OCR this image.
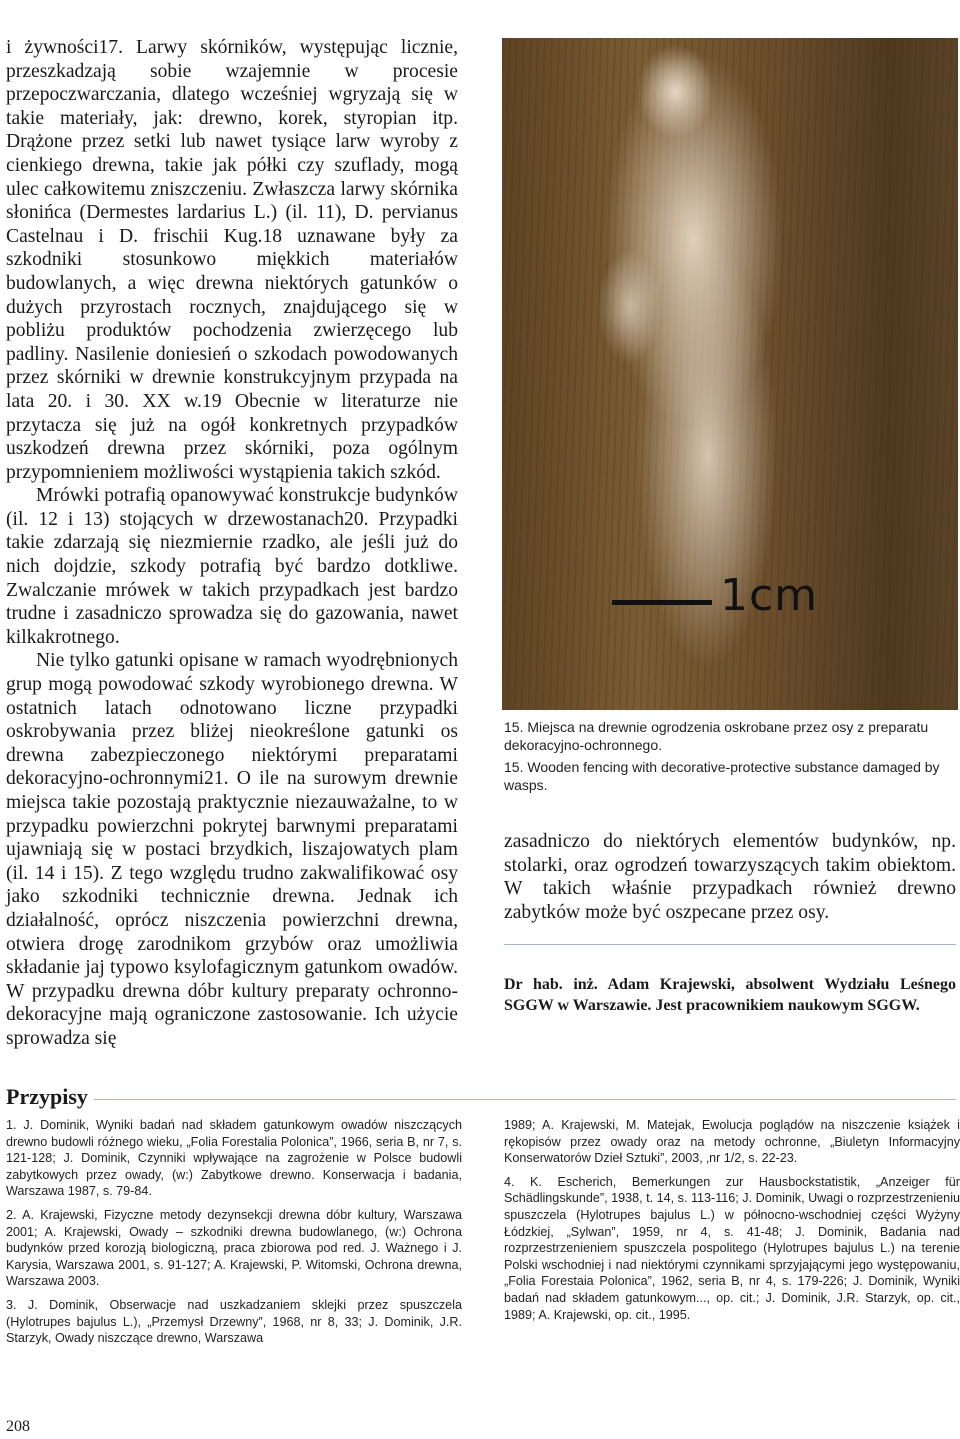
i żywności17. Larwy skórników, występując licznie, przeszkadzają sobie wzajemnie w procesie przepoczwarczania, dlatego wcześniej wgryzają się w takie materiały, jak: drewno, korek, styropian itp. Drążone przez setki lub nawet tysiące larw wyroby z cienkiego drewna, takie jak półki czy szuflady, mogą ulec całkowitemu zniszczeniu. Zwłaszcza larwy skórnika słonińca (Dermestes lardarius L.) (il. 11), D. pervianus Castelnau i D. frischii Kug.18 uznawane były za szkodniki stosunkowo miękkich materiałów budowlanych, a więc drewna niektórych gatunków o dużych przyrostach rocznych, znajdującego się w pobliżu produktów pochodzenia zwierzęcego lub padliny. Nasilenie doniesień o szkodach powodowanych przez skórniki w drewnie konstrukcyjnym przypada na lata 20. i 30. XX w.19 Obecnie w literaturze nie przytacza się już na ogół konkretnych przypadków uszkodzeń drewna przez skórniki, poza ogólnym przypomnieniem możliwości wystąpienia takich szkód.

Mrówki potrafią opanowywać konstrukcje budynków (il. 12 i 13) stojących w drzewostanach20. Przypadki takie zdarzają się niezmiernie rzadko, ale jeśli już do nich dojdzie, szkody potrafią być bardzo dotkliwe. Zwalczanie mrówek w takich przypadkach jest bardzo trudne i zasadniczo sprowadza się do gazowania, nawet kilkakrotnego.

Nie tylko gatunki opisane w ramach wyodrębnionych grup mogą powodować szkody wyrobionego drewna. W ostatnich latach odnotowano liczne przypadki oskrobywania przez bliżej nieokreślone gatunki os drewna zabezpieczonego niektórymi preparatami dekoracyjno-ochronnymi21. O ile na surowym drewnie miejsca takie pozostają praktycznie niezauważalne, to w przypadku powierzchni pokrytej barwnymi preparatami ujawniają się w postaci brzydkich, liszajowatych plam (il. 14 i 15). Z tego względu trudno zakwalifikować osy jako szkodniki technicznie drewna. Jednak ich działalność, oprócz niszczenia powierzchni drewna, otwiera drogę zarodnikom grzybów oraz umożliwia składanie jaj typowo ksylofagicznym gatunkom owadów. W przypadku drewna dóbr kultury preparaty ochronno-dekoracyjne mają ograniczone zastosowanie. Ich użycie sprowadza się

1cm

15. Miejsca na drewnie ogrodzenia oskrobane przez osy z preparatu dekoracyjno-ochronnego.

15. Wooden fencing with decorative-protective substance damaged by wasps.

zasadniczo do niektórych elementów budynków, np. stolarki, oraz ogrodzeń towarzyszących takim obiektom. W takich właśnie przypadkach również drewno zabytków może być oszpecane przez osy.

Dr hab. inż. Adam Krajewski, absolwent Wydziału Leśnego SGGW w Warszawie. Jest pracownikiem naukowym SGGW.
Przypisy

1. J. Dominik, Wyniki badań nad składem gatunkowym owadów niszczących drewno budowli różnego wieku, „Folia Forestalia Polonica”, 1966, seria B, nr 7, s. 121-128; J. Dominik, Czynniki wpływające na zagrożenie w Polsce budowli zabytkowych przez owady, (w:) Zabytkowe drewno. Konserwacja i badania, Warszawa 1987, s. 79-84.

2. A. Krajewski, Fizyczne metody dezynsekcji drewna dóbr kultury, Warszawa 2001; A. Krajewski, Owady – szkodniki drewna budowlanego, (w:) Ochrona budynków przed korozją biologiczną, praca zbiorowa pod red. J. Ważnego i J. Karysia, Warszawa 2001, s. 91-127; A. Krajewski, P. Witomski, Ochrona drewna, Warszawa 2003.

3. J. Dominik, Obserwacje nad uszkadzaniem sklejki przez spuszczela (Hylotrupes bajulus L.), „Przemysł Drzewny”, 1968, nr 8, 33; J. Dominik, J.R. Starzyk, Owady niszczące drewno, Warszawa

1989; A. Krajewski, M. Matejak, Ewolucja poglądów na niszczenie książek i rękopisów przez owady oraz na metody ochronne, „Biuletyn Informacyjny Konserwatorów Dzieł Sztuki”, 2003, ‚nr 1/2, s. 22-23.

4. K. Escherich, Bemerkungen zur Hausbockstatistik, „Anzeiger für Schädlingskunde”, 1938, t. 14, s. 113-116; J. Dominik, Uwagi o rozprzestrzenieniu spuszczela (Hylotrupes bajulus L.) w północno-wschodniej części Wyżyny Łódzkiej, „Sylwan”, 1959, nr 4, s. 41-48; J. Dominik, Badania nad rozprzestrzenieniem spuszczela pospolitego (Hylotrupes bajulus L.) na terenie Polski wschodniej i nad niektórymi czynnikami sprzyjającymi jego występowaniu, „Folia Forestaia Polonica”, 1962, seria B, nr 4, s. 179-226; J. Dominik, Wyniki badań nad składem gatunkowym..., op. cit.; J. Dominik, J.R. Starzyk, op. cit., 1989; A. Krajewski, op. cit., 1995.

208
